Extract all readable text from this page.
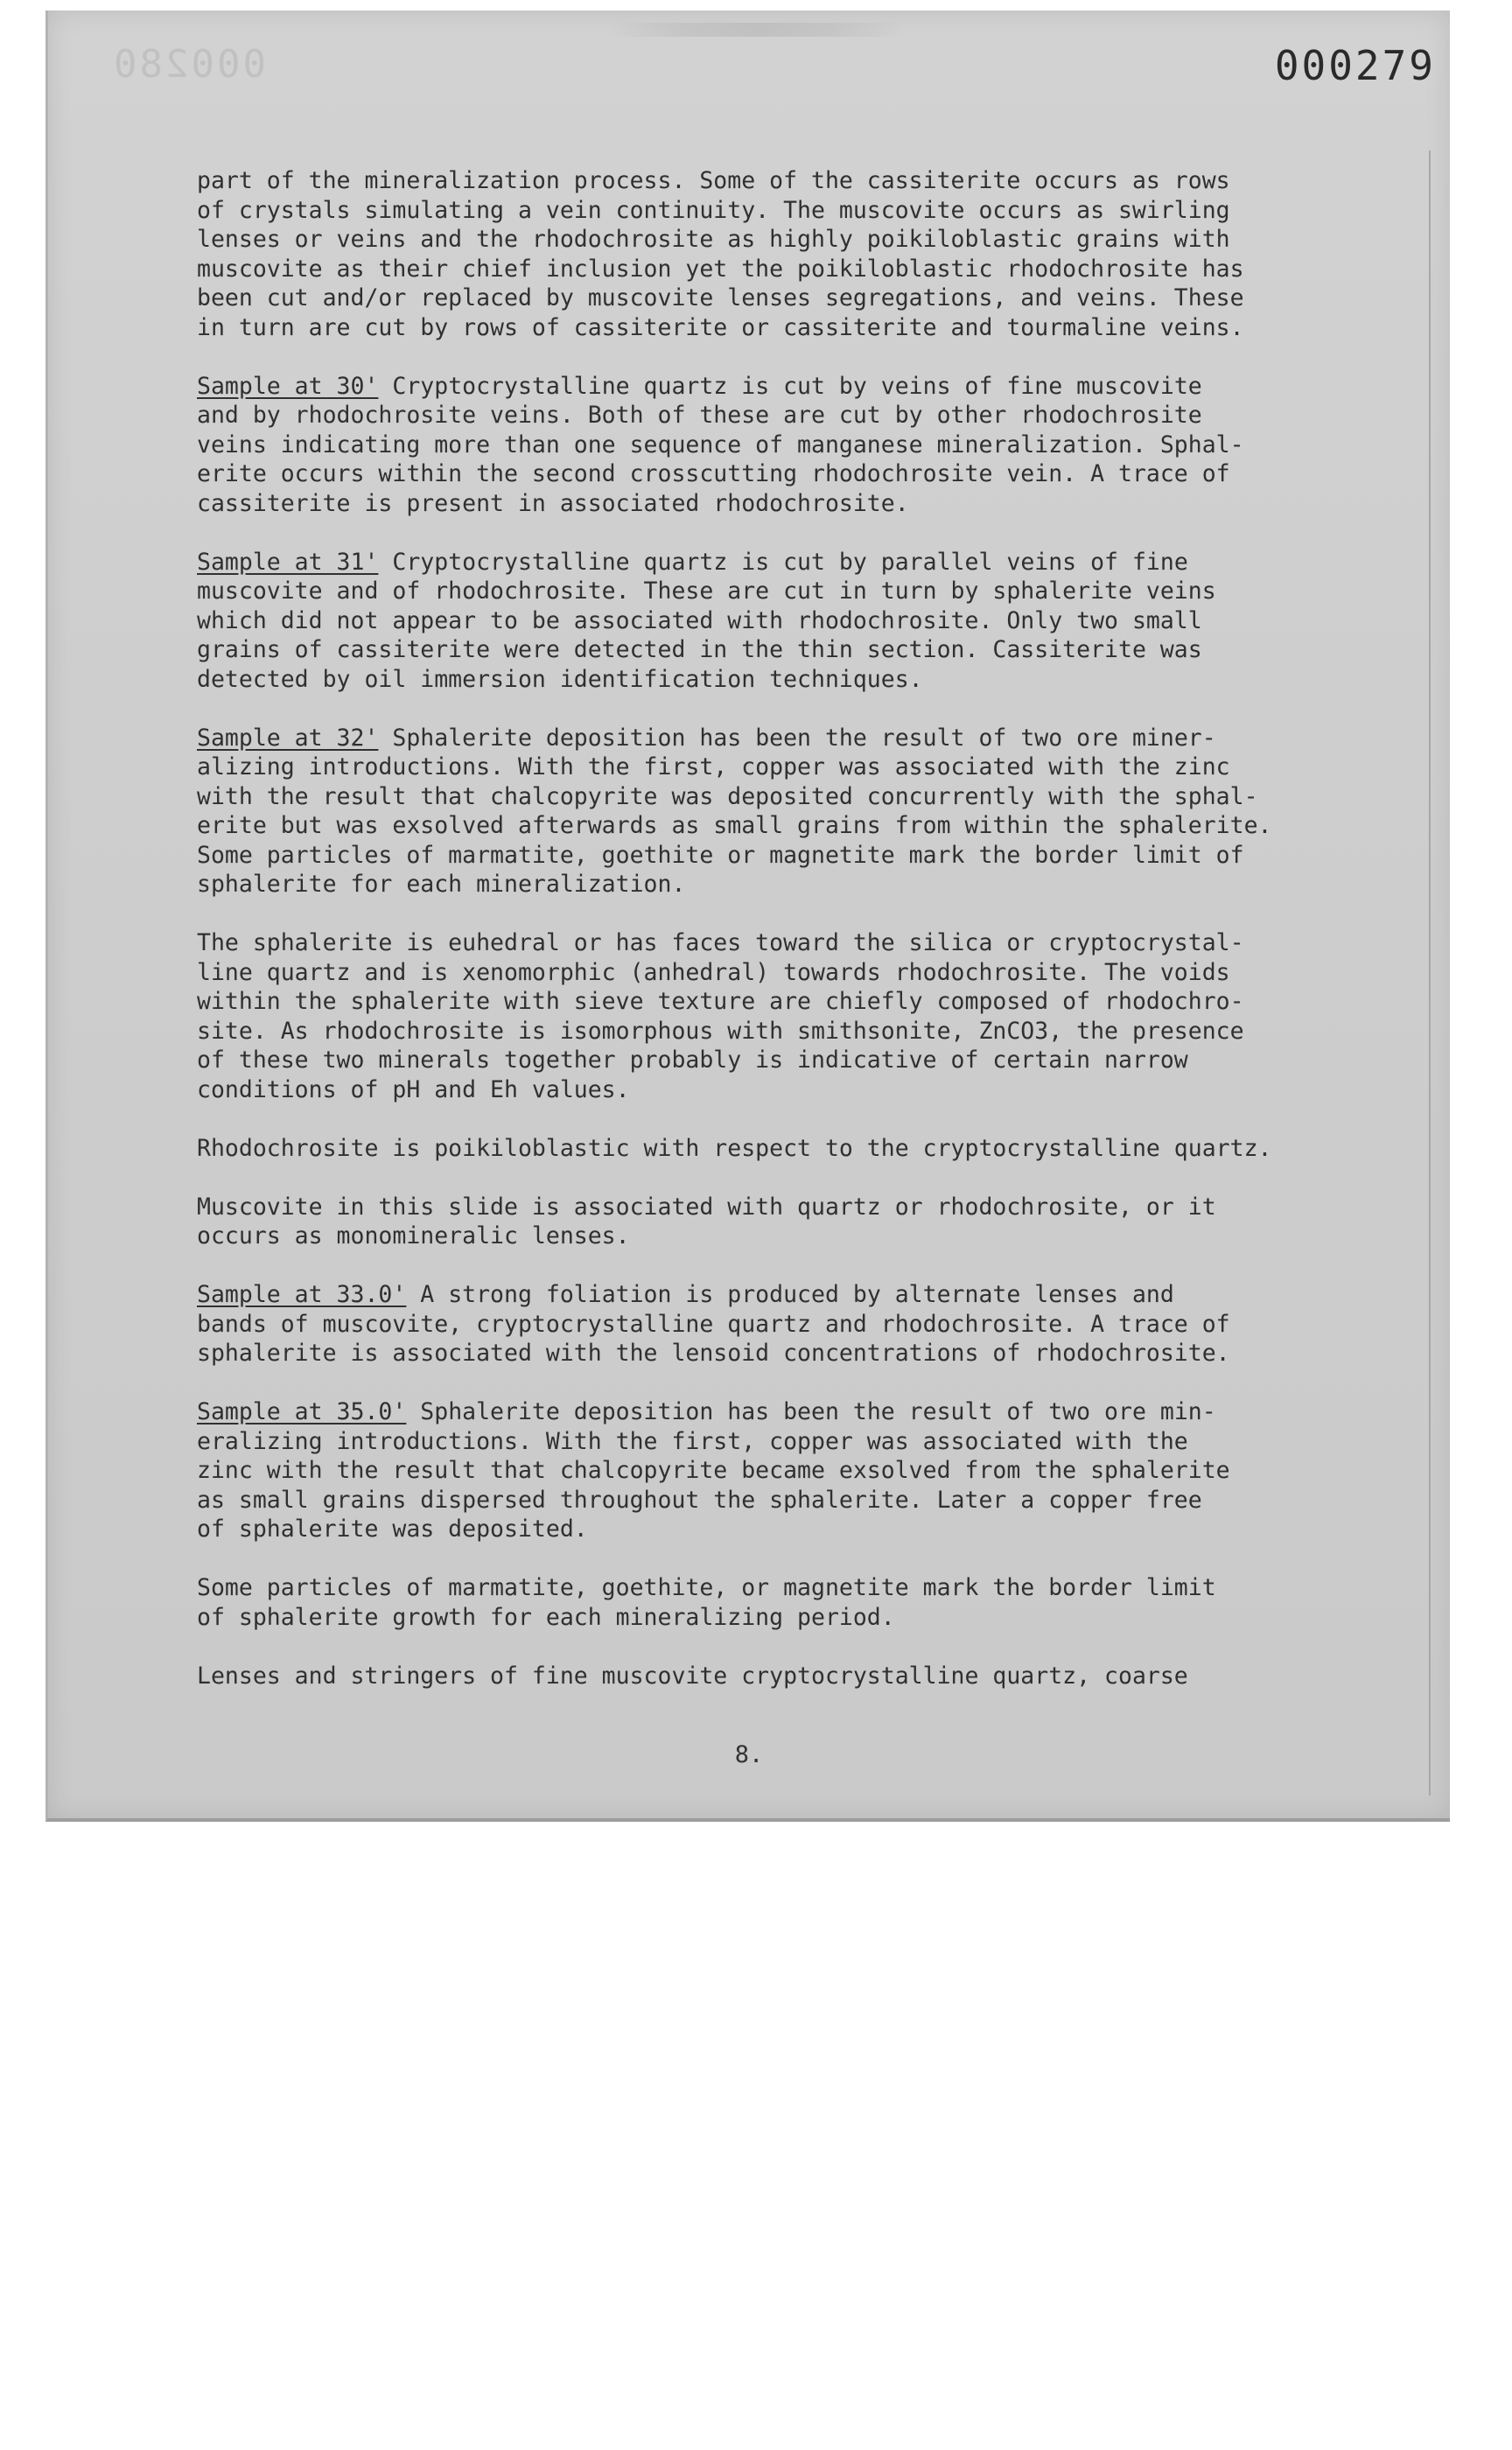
000280	000279

part of the mineralization process. Some of the cassiterite occurs as rows
of crystals simulating a vein continuity. The muscovite occurs as swirling
lenses or veins and the rhodochrosite as highly poikiloblastic grains with
muscovite as their chief inclusion yet the poikiloblastic rhodochrosite has
been cut and/or replaced by muscovite lenses segregations, and veins. These
in turn are cut by rows of cassiterite or cassiterite and tourmaline veins.

Sample at 30' Cryptocrystalline quartz is cut by veins of fine muscovite
and by rhodochrosite veins. Both of these are cut by other rhodochrosite
veins indicating more than one sequence of manganese mineralization. Sphal-
erite occurs within the second crosscutting rhodochrosite vein. A trace of
cassiterite is present in associated rhodochrosite.

Sample at 31' Cryptocrystalline quartz is cut by parallel veins of fine
muscovite and of rhodochrosite. These are cut in turn by sphalerite veins
which did not appear to be associated with rhodochrosite. Only two small
grains of cassiterite were detected in the thin section. Cassiterite was
detected by oil immersion identification techniques.

Sample at 32' Sphalerite deposition has been the result of two ore miner-
alizing introductions. With the first, copper was associated with the zinc
with the result that chalcopyrite was deposited concurrently with the sphal-
erite but was exsolved afterwards as small grains from within the sphalerite.
Some particles of marmatite, goethite or magnetite mark the border limit of
sphalerite for each mineralization.

The sphalerite is euhedral or has faces toward the silica or cryptocrystal-
line quartz and is xenomorphic (anhedral) towards rhodochrosite. The voids
within the sphalerite with sieve texture are chiefly composed of rhodochro-
site. As rhodochrosite is isomorphous with smithsonite, ZnCO3, the presence
of these two minerals together probably is indicative of certain narrow
conditions of pH and Eh values.

Rhodochrosite is poikiloblastic with respect to the cryptocrystalline quartz.

Muscovite in this slide is associated with quartz or rhodochrosite, or it
occurs as monomineralic lenses.

Sample at 33.0' A strong foliation is produced by alternate lenses and
bands of muscovite, cryptocrystalline quartz and rhodochrosite. A trace of
sphalerite is associated with the lensoid concentrations of rhodochrosite.

Sample at 35.0' Sphalerite deposition has been the result of two ore min-
eralizing introductions. With the first, copper was associated with the
zinc with the result that chalcopyrite became exsolved from the sphalerite
as small grains dispersed throughout the sphalerite. Later a copper free
of sphalerite was deposited.

Some particles of marmatite, goethite, or magnetite mark the border limit
of sphalerite growth for each mineralizing period.

Lenses and stringers of fine muscovite cryptocrystalline quartz, coarse

8.
